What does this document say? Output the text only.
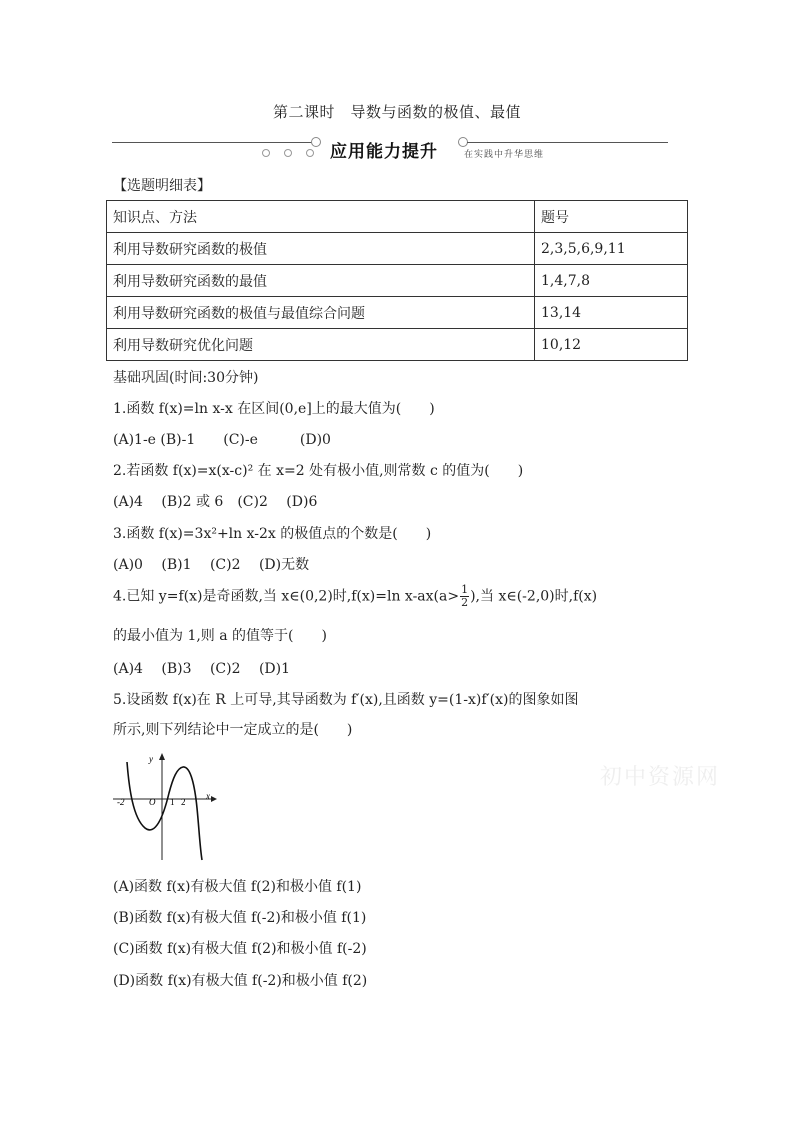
第二课时　导数与函数的极值、最值
应用能力提升	在实践中升华思维
【选题明细表】
知识点、方法	题号
利用导数研究函数的极值	2,3,5,6,9,11
利用导数研究函数的最值	1,4,7,8
利用导数研究函数的极值与最值综合问题	13,14
利用导数研究优化问题	10,12
基础巩固(时间:30分钟)
1.函数 f(x)=ln x-x 在区间(0,e]上的最大值为(　　)
(A)1-e (B)-1　　(C)-e　　　(D)0
2.若函数 f(x)=x(x-c)² 在 x=2 处有极小值,则常数 c 的值为(　　)
(A)4　 (B)2 或 6　(C)2　 (D)6
3.函数 f(x)=3x²+ln x-2x 的极值点的个数是(　　)
(A)0　 (B)1　 (C)2　 (D)无数
4.已知 y=f(x)是奇函数,当 x∈(0,2)时,f(x)=ln $x-ax(a> \frac{1}{2}$ ),当 x∈(-2,0)时,f(x)
的最小值为 1,则 a 的值等于(　　)
(A)4　 (B)3　 (C)2　 (D)1
5.设函数 f(x)在 R 上可导,其导函数为 f′(x),且函数 y=(1-x)f′(x)的图象如图
所示,则下列结论中一定成立的是(　　)
-2	O 1 2
x
y
初中资源网
(A)函数 f(x)有极大值 f(2)和极小值 f(1)
(B)函数 f(x)有极大值 f(-2)和极小值 f(1)
(C)函数 f(x)有极大值 f(2)和极小值 f(-2)
(D)函数 f(x)有极大值 f(-2)和极小值 f(2)
